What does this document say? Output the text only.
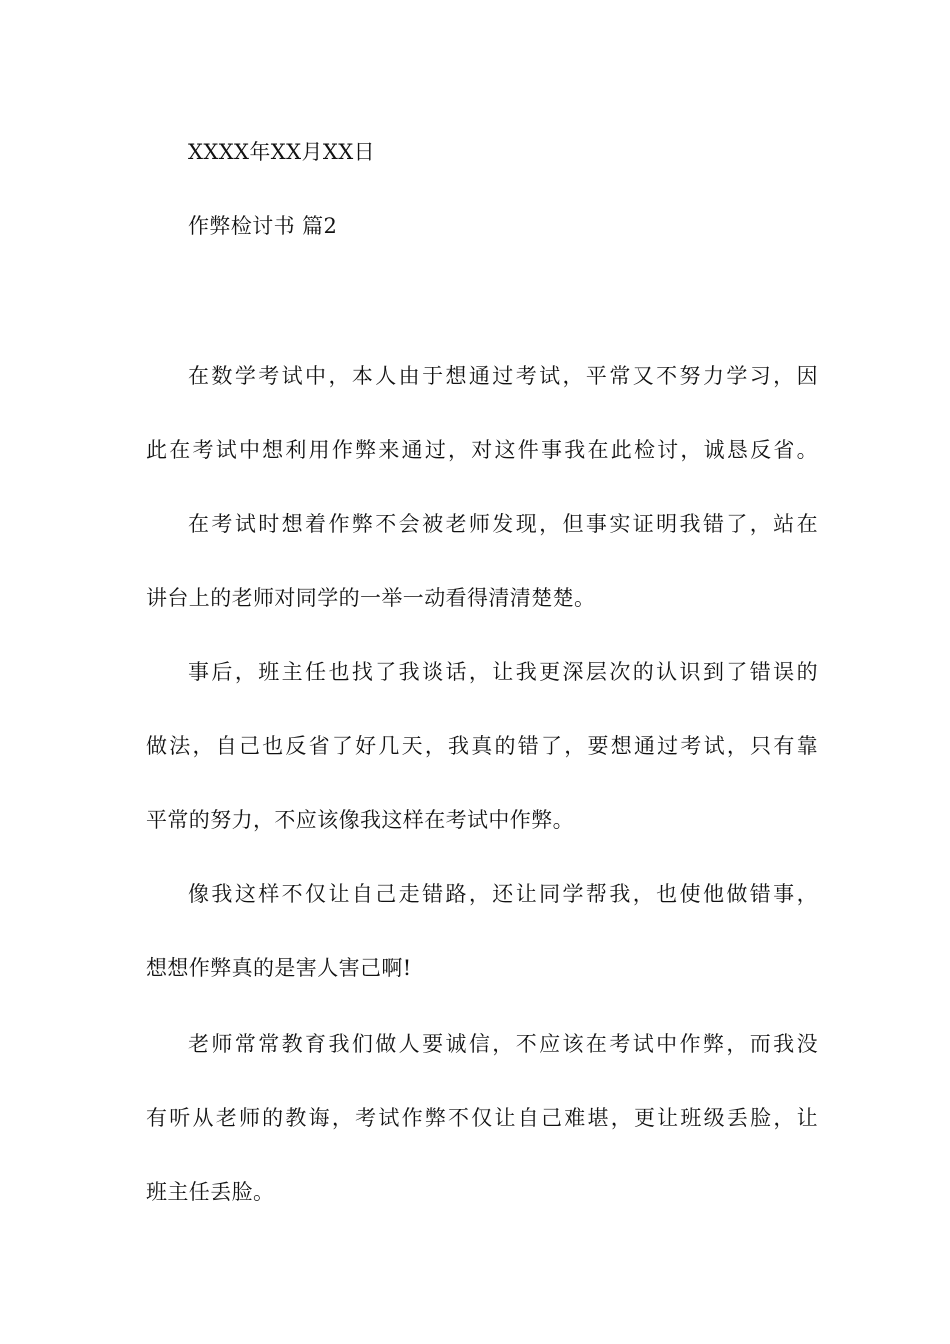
XXXX年XX月XX日
作弊检讨书 篇2
在数学考试中，本人由于想通过考试，平常又不努力学习，因
此在考试中想利用作弊来通过，对这件事我在此检讨，诚恳反省。
在考试时想着作弊不会被老师发现，但事实证明我错了，站在
讲台上的老师对同学的一举一动看得清清楚楚。
事后，班主任也找了我谈话，让我更深层次的认识到了错误的
做法，自己也反省了好几天，我真的错了，要想通过考试，只有靠
平常的努力，不应该像我这样在考试中作弊。
像我这样不仅让自己走错路，还让同学帮我，也使他做错事，
想想作弊真的是害人害己啊!
老师常常教育我们做人要诚信，不应该在考试中作弊，而我没
有听从老师的教诲，考试作弊不仅让自己难堪，更让班级丢脸，让
班主任丢脸。
